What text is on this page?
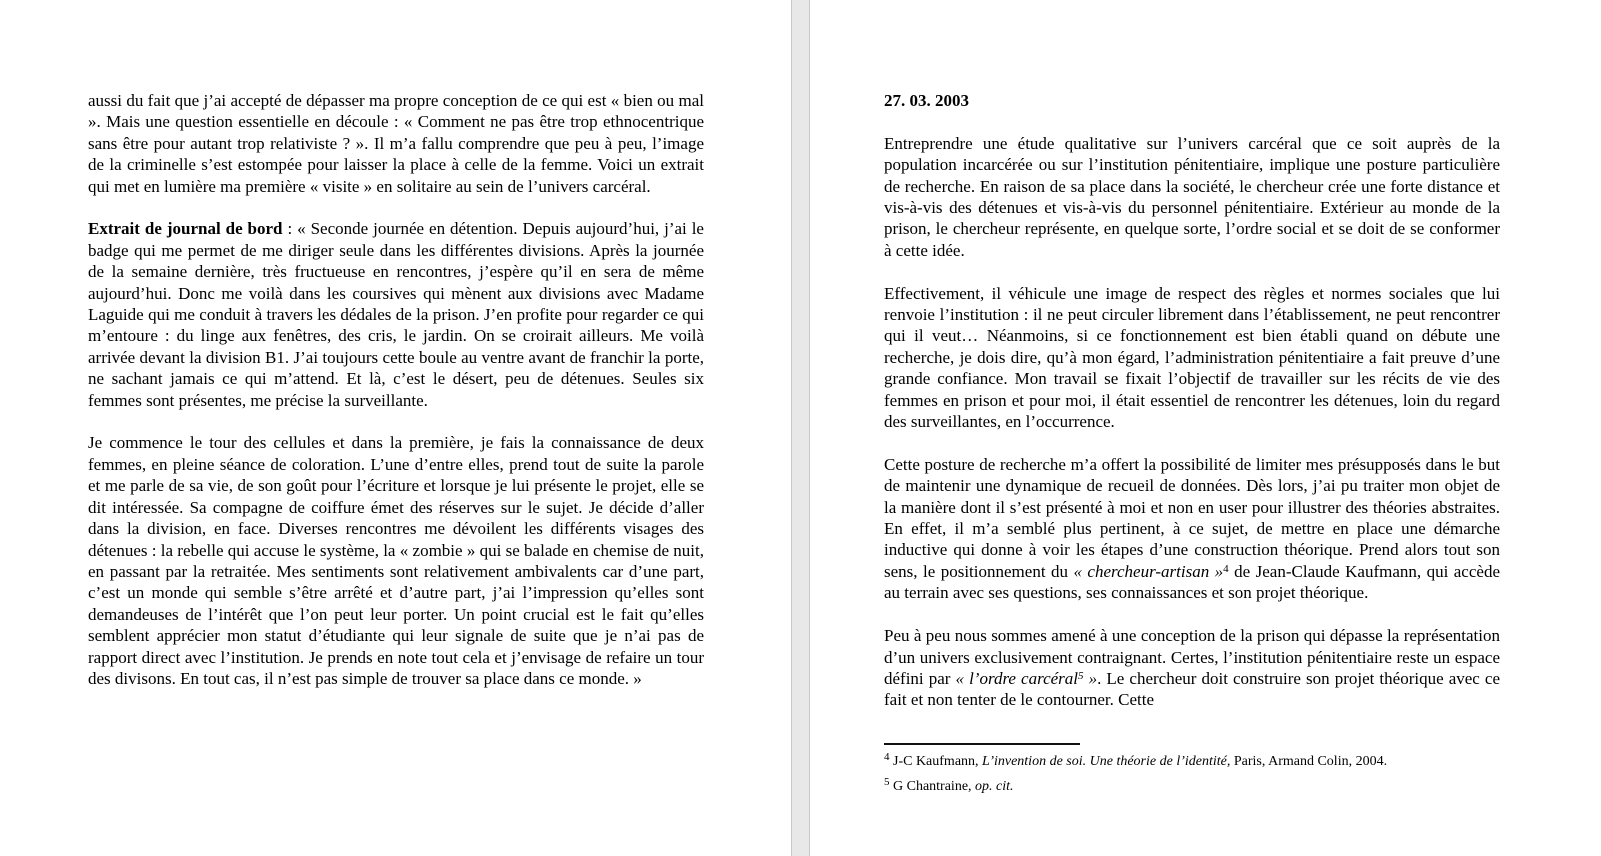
aussi du fait que j’ai accepté de dépasser ma propre conception de ce qui est « bien ou mal ». Mais une question essentielle en découle : « Comment ne pas être trop ethnocentrique sans être pour autant trop relativiste ? ». Il m’a fallu comprendre que peu à peu, l’image de la criminelle s’est estompée pour laisser la place à celle de la femme. Voici un extrait qui met en lumière ma première « visite » en solitaire au sein de l’univers carcéral.

Extrait de journal de bord : « Seconde journée en détention. Depuis aujourd’hui, j’ai le badge qui me permet de me diriger seule dans les différentes divisions. Après la journée de la semaine dernière, très fructueuse en rencontres, j’espère qu’il en sera de même aujourd’hui. Donc me voilà dans les coursives qui mènent aux divisions avec Madame Laguide qui me conduit à travers les dédales de la prison. J’en profite pour regarder ce qui m’entoure : du linge aux fenêtres, des cris, le jardin. On se croirait ailleurs. Me voilà arrivée devant la division B1. J’ai toujours cette boule au ventre avant de franchir la porte, ne sachant jamais ce qui m’attend. Et là, c’est le désert, peu de détenues. Seules six femmes sont présentes, me précise la surveillante.

Je commence le tour des cellules et dans la première, je fais la connaissance de deux femmes, en pleine séance de coloration. L’une d’entre elles, prend tout de suite la parole et me parle de sa vie, de son goût pour l’écriture et lorsque je lui présente le projet, elle se dit intéressée. Sa compagne de coiffure émet des réserves sur le sujet. Je décide d’aller dans la division, en face. Diverses rencontres me dévoilent les différents visages des détenues : la rebelle qui accuse le système, la « zombie » qui se balade en chemise de nuit, en passant par la retraitée. Mes sentiments sont relativement ambivalents car d’une part, c’est un monde qui semble s’être arrêté et d’autre part, j’ai l’impression qu’elles sont demandeuses de l’intérêt que l’on peut leur porter. Un point crucial est le fait qu’elles semblent apprécier mon statut d’étudiante qui leur signale de suite que je n’ai pas de rapport direct avec l’institution. Je prends en note tout cela et j’envisage de refaire un tour des divisons. En tout cas, il n’est pas simple de trouver sa place dans ce monde. »

27. 03. 2003

Entreprendre une étude qualitative sur l’univers carcéral que ce soit auprès de la population incarcérée ou sur l’institution pénitentiaire, implique une posture particulière de recherche. En raison de sa place dans la société, le chercheur crée une forte distance et vis-à-vis des détenues et vis-à-vis du personnel pénitentiaire. Extérieur au monde de la prison, le chercheur représente, en quelque sorte, l’ordre social et se doit de se conformer à cette idée.

Effectivement, il véhicule une image de respect des règles et normes sociales que lui renvoie l’institution : il ne peut circuler librement dans l’établissement, ne peut rencontrer qui il veut… Néanmoins, si ce fonctionnement est bien établi quand on débute une recherche, je dois dire, qu’à mon égard, l’administration pénitentiaire a fait preuve d’une grande confiance. Mon travail se fixait l’objectif de travailler sur les récits de vie des femmes en prison et pour moi, il était essentiel de rencontrer les détenues, loin du regard des surveillantes, en l’occurrence.

Cette posture de recherche m’a offert la possibilité de limiter mes présupposés dans le but de maintenir une dynamique de recueil de données. Dès lors, j’ai pu traiter mon objet de la manière dont il s’est présenté à moi et non en user pour illustrer des théories abstraites. En effet, il m’a semblé plus pertinent, à ce sujet, de mettre en place une démarche inductive qui donne à voir les étapes d’une construction théorique. Prend alors tout son sens, le positionnement du « chercheur-artisan »$^4$ de Jean-Claude Kaufmann, qui accède au terrain avec ses questions, ses connaissances et son projet théorique.

Peu à peu nous sommes amené à une conception de la prison qui dépasse la représentation d’un univers exclusivement contraignant. Certes, l’institution pénitentiaire reste un espace défini par « l’ordre carcéral$^5$ ». Le chercheur doit construire son projet théorique avec ce fait et non tenter de le contourner. Cette

$^4$ J-C Kaufmann, L’invention de soi. Une théorie de l’identité, Paris, Armand Colin, 2004.

$^5$ G Chantraine, op. cit.
